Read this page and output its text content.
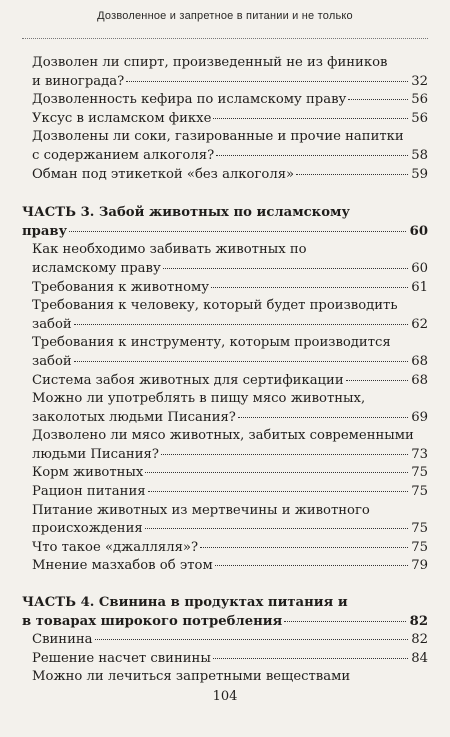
Дозволенное и запретное в питании и не только
Дозволен ли спирт, произведенный не из фиников
и винограда?	32
Дозволенность кефира по исламскому праву	56
Уксус в исламском фикхе	56
Дозволены ли соки, газированные и прочие напитки
с содержанием алкоголя?	58
Обман под этикеткой «без алкоголя»	59
ЧАСТЬ 3. Забой животных по исламскому
праву	60
Как необходимо забивать животных по
исламскому праву	60
Требования к животному	61
Требования к человеку, который будет производить
забой	62
Требования к инструменту, которым производится
забой	68
Система забоя животных для сертификации	68
Можно ли употреблять в пищу мясо животных,
заколотых людьми Писания?	69
Дозволено ли мясо животных, забитых современными
людьми Писания?	73
Корм животных	75
Рацион питания	75
Питание животных из мертвечины и животного
происхождения	75
Что такое «джалляля»?	75
Мнение мазхабов об этом	79
ЧАСТЬ 4. Свинина в продуктах питания и
в товарах широкого потребления	82
Свинина	82
Решение насчет свинины	84
Можно ли лечиться запретными веществами
104
